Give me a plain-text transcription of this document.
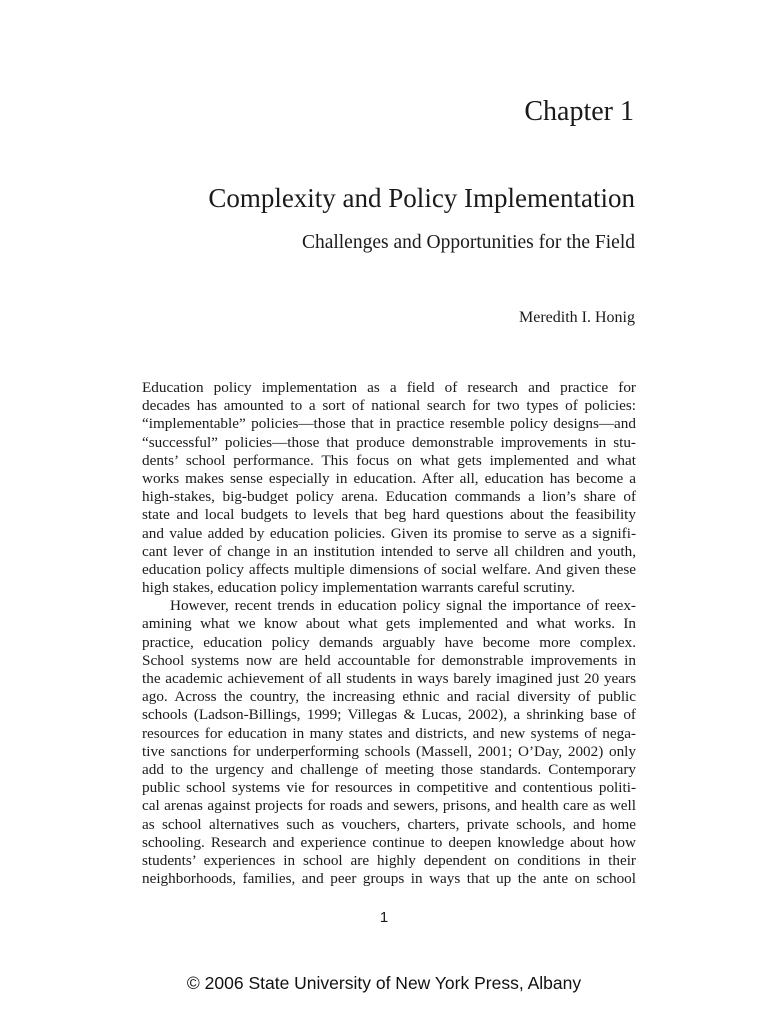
Chapter 1
Complexity and Policy Implementation
Challenges and Opportunities for the Field
Meredith I. Honig
Education policy implementation as a field of research and practice for
decades has amounted to a sort of national search for two types of policies:
“implementable” policies—those that in practice resemble policy designs—and
“successful” policies—those that produce demonstrable improvements in stu-
dents’ school performance. This focus on what gets implemented and what
works makes sense especially in education. After all, education has become a
high-stakes, big-budget policy arena. Education commands a lion’s share of
state and local budgets to levels that beg hard questions about the feasibility
and value added by education policies. Given its promise to serve as a signifi-
cant lever of change in an institution intended to serve all children and youth,
education policy affects multiple dimensions of social welfare. And given these
high stakes, education policy implementation warrants careful scrutiny.
However, recent trends in education policy signal the importance of reex-
amining what we know about what gets implemented and what works. In
practice, education policy demands arguably have become more complex.
School systems now are held accountable for demonstrable improvements in
the academic achievement of all students in ways barely imagined just 20 years
ago. Across the country, the increasing ethnic and racial diversity of public
schools (Ladson-Billings, 1999; Villegas & Lucas, 2002), a shrinking base of
resources for education in many states and districts, and new systems of nega-
tive sanctions for underperforming schools (Massell, 2001; O’Day, 2002) only
add to the urgency and challenge of meeting those standards. Contemporary
public school systems vie for resources in competitive and contentious politi-
cal arenas against projects for roads and sewers, prisons, and health care as well
as school alternatives such as vouchers, charters, private schools, and home
schooling. Research and experience continue to deepen knowledge about how
students’ experiences in school are highly dependent on conditions in their
neighborhoods, families, and peer groups in ways that up the ante on school
1
© 2006 State University of New York Press, Albany
